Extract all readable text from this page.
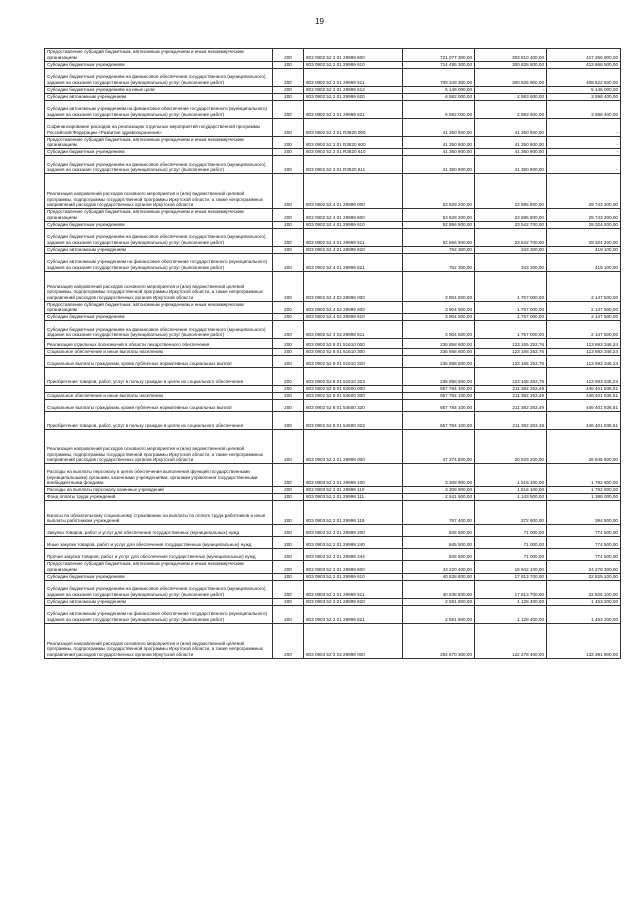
19
Предоставление субсидий бюджетным, автономным учреждениям и иным некоммерческим организациям	200	803 0902 52 2 01 29999 600	721 077 300,00	303 810 400,00	417 266 900,00
Субсидии бюджетным учреждениям	200	803 0902 52 2 01 29999 610	714 495 300,00	300 826 800,00	413 668 500,00
Субсидии бюджетным учреждениям на финансовое обеспечение государственного (муниципального) задания на оказание государственных (муниципальных) услуг (выполнение работ)	200	803 0902 52 2 01 29999 611	709 349 300,00	300 826 800,00	408 522 500,00
Субсидии бюджетным учреждениям на иные цели	200	803 0902 52 2 01 29999 612	5 146 000,00	-	5 146 000,00
Субсидии автономным учреждениям	200	803 0902 52 2 01 29999 620	6 582 000,00	2 983 600,00	3 598 400,00
Субсидии автономным учреждениям на финансовое обеспечение государственного (муниципального) задания на оказание государственных (муниципальных) услуг (выполнение работ)	200	803 0902 52 2 01 29999 621	6 582 000,00	2 983 600,00	3 598 400,00
Софинансирование расходов на реализацию отдельных мероприятий государственной программы Российской Федерации «Развитие здравоохранения»	200	803 0902 52 2 01 R3820 000	41 350 900,00	41 350 900,00	-
Предоставление субсидий бюджетным, автономным учреждениям и иным некоммерческим организациям	200	803 0902 52 2 01 R3820 600	41 350 900,00	41 350 900,00	-
Субсидии бюджетным учреждениям	200	803 0902 52 2 01 R3820 610	41 350 900,00	41 350 900,00	-
Субсидии бюджетным учреждениям на финансовое обеспечение государственного (муниципального) задания на оказание государственных (муниципальных) услуг (выполнение работ)	200	803 0902 52 2 01 R3820 611	41 350 900,00	41 350 900,00	-
Реализация направлений расходов основного мероприятия и (или) ведомственной целевой программы, подпрограммы государственной программы Иркутской области, а также непрограммных направлений расходов государственных органов Иркутской области	200	803 0902 52 4 01 29999 000	53 629 200,00	23 885 900,00	29 743 300,00
Предоставление субсидий бюджетным, автономным учреждениям и иным некоммерческим организациям	200	803 0902 52 4 01 29999 600	53 629 200,00	23 885 900,00	29 743 300,00
Субсидии бюджетным учреждениям	200	803 0902 52 4 01 29999 610	52 866 900,00	23 542 700,00	29 324 200,00
Субсидии бюджетным учреждениям на финансовое обеспечение государственного (муниципального) задания на оказание государственных (муниципальных) услуг (выполнение работ)	200	803 0902 52 4 01 29999 611	52 866 900,00	23 542 700,00	29 324 200,00
Субсидии автономным учреждениям	200	803 0902 52 4 01 29999 620	762 300,00	343 200,00	419 100,00
Субсидии автономным учреждениям на финансовое обеспечение государственного (муниципального) задания на оказание государственных (муниципальных) услуг (выполнение работ)	200	803 0902 52 4 01 29999 621	762 300,00	343 200,00	419 100,00
Реализация направлений расходов основного мероприятия и (или) ведомственной целевой программы, подпрограммы государственной программы Иркутской области, а также непрограммных направлений расходов государственных органов Иркутской области	200	803 0902 52 4 02 29999 000	3 904 500,00	1 757 000,00	2 147 500,00
Предоставление субсидий бюджетным, автономным учреждениям и иным некоммерческим организациям	200	803 0902 52 4 02 29999 600	3 904 500,00	1 757 000,00	2 147 500,00
Субсидии бюджетным учреждениям	200	803 0902 52 4 02 29999 610	3 904 500,00	1 757 000,00	2 147 500,00
Субсидии бюджетным учреждениям на финансовое обеспечение государственного (муниципального) задания на оказание государственных (муниципальных) услуг (выполнение работ)	200	803 0902 52 4 02 29999 611	3 904 500,00	1 757 000,00	2 147 500,00
Реализация отдельных полномочий в области лекарственного обеспечения	200	803 0902 52 8 01 51610 000	236 858 600,00	123 165 253,76	113 693 346,24
Социальное обеспечение и иные выплаты населению	200	803 0902 52 8 01 51610 300	236 858 600,00	123 165 253,76	113 693 346,24
Социальные выплаты гражданам, кроме публичных нормативных социальных выплат	200	803 0902 52 8 01 51610 320	236 858 600,00	123 165 253,76	113 693 346,24
Приобретение товаров, работ, услуг в пользу граждан в целях их социального обеспечения	200	803 0902 52 8 01 51610 323	236 858 600,00	123 165 253,76	113 693 346,24
	200	803 0902 52 8 01 54600 000	657 784 100,00	211 382 263,49	446 401 836,51
Социальное обеспечение и иные выплаты населению	200	803 0902 52 8 01 54600 300	657 784 100,00	211 382 263,49	446 401 836,51
Социальные выплаты гражданам, кроме публичных нормативных социальных выплат	200	803 0902 52 8 01 54600 320	657 784 100,00	211 382 263,49	446 401 836,51
Приобретение товаров, работ, услуг в пользу граждан в целях их социального обеспечения	200	803 0902 52 8 01 54600 323	657 784 100,00	211 382 263,49	446 401 836,51
Реализация направлений расходов основного мероприятия и (или) ведомственной целевой программы, подпрограммы государственной программы Иркутской области, а также непрограммных направлений расходов государственных органов Иркутской области	200	803 0903 52 2 01 29999 000	47 374 800,00	20 529 200,00	26 845 600,00
Расходы на выплаты персоналу в целях обеспечения выполнения функций государственными (муниципальными) органами, казенными учреждениями, органами управления государственными внебюджетными фондами	200	803 0903 52 2 01 29999 100	3 308 900,00	1 516 100,00	1 792 800,00
Расходы на выплаты персоналу казенных учреждений	200	803 0903 52 2 01 29999 110	3 308 900,00	1 516 100,00	1 792 800,00
Фонд оплаты труда учреждений	200	803 0903 52 2 01 29999 111	2 541 500,00	1 143 500,00	1 398 000,00
Взносы по обязательному социальному страхованию на выплаты по оплате труда работников и иные выплаты работникам учреждений	200	803 0903 52 2 01 29999 119	767 400,00	372 600,00	394 800,00
Закупка товаров, работ и услуг для обеспечения государственных (муниципальных) нужд	200	803 0903 52 2 01 29999 200	845 500,00	71 000,00	774 500,00
Иные закупки товаров, работ и услуг для обеспечения государственных (муниципальных) нужд	200	803 0903 52 2 01 29999 240	845 500,00	71 000,00	774 500,00
Прочая закупка товаров, работ и услуг для обеспечения государственных (муниципальных) нужд	200	803 0903 52 2 01 29999 244	845 500,00	71 000,00	774 500,00
Предоставление субсидий бюджетным, автономным учреждениям и иным некоммерческим организациям	200	803 0903 52 2 01 29999 600	43 220 400,00	18 942 100,00	24 278 300,00
Субсидии бюджетным учреждениям	200	803 0903 52 2 01 29999 610	40 638 800,00	17 813 700,00	22 825 100,00
Субсидии бюджетным учреждениям на финансовое обеспечение государственного (муниципального) задания на оказание государственных (муниципальных) услуг (выполнение работ)	200	803 0903 52 2 01 29999 611	40 638 800,00	17 813 700,00	22 825 100,00
Субсидии автономным учреждениям	200	803 0903 52 2 01 29999 620	2 581 600,00	1 128 400,00	1 453 200,00
Субсидии автономным учреждениям на финансовое обеспечение государственного (муниципального) задания на оказание государственных (муниципальных) услуг (выполнение работ)	200	803 0903 52 2 01 29999 621	2 581 600,00	1 128 400,00	1 453 200,00
Реализация направлений расходов основного мероприятия и (или) ведомственной целевой программы, подпрограммы государственной программы Иркутской области, а также непрограммных направлений расходов государственных органов Иркутской области	200	803 0904 52 2 02 29999 000	254 670 300,00	122 278 400,00	132 391 900,00
